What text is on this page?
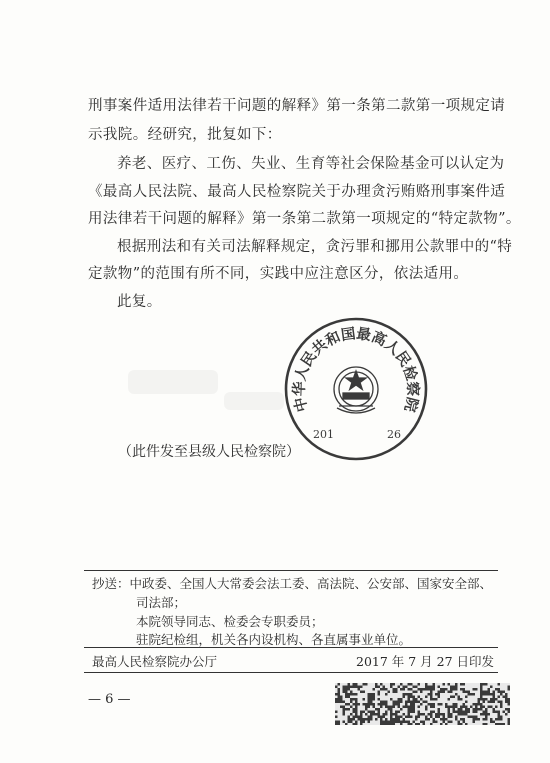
刑事案件适用法律若干问题的解释》第一条第二款第一项规定请
示我院。经研究，批复如下：
养老、医疗、工伤、失业、生育等社会保险基金可以认定为
《最高人民法院、最高人民检察院关于办理贪污贿赂刑事案件适
用法律若干问题的解释》第一条第二款第一项规定的“特定款物”。
根据刑法和有关司法解释规定，贪污罪和挪用公款罪中的“特
定款物”的范围有所不同，实践中应注意区分，依法适用。
此复。
中华人民共和国最高人民检察院
201	26
（此件发至县级人民检察院）
抄送：中政委、全国人大常委会法工委、高法院、公安部、国家安全部、
司法部；
本院领导同志、检委会专职委员；
驻院纪检组，机关各内设机构、各直属事业单位。
最高人民检察院办公厅	2017 年 7 月 27 日印发
— 6 —
